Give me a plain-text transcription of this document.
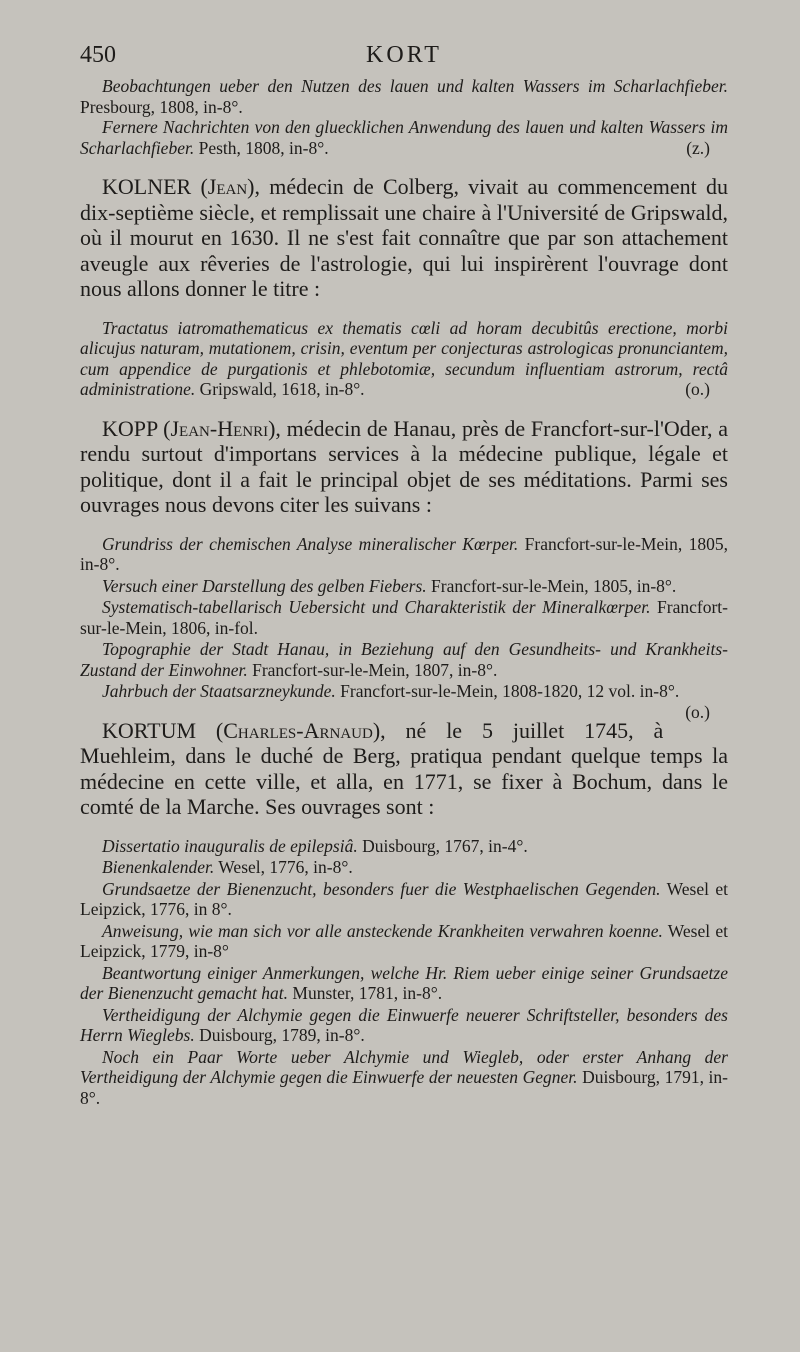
450	KORT

Beobachtungen ueber den Nutzen des lauen und kalten Wassers im Scharlachfieber. Presbourg, 1808, in-8°.

Fernere Nachrichten von den gluecklichen Anwendung des lauen und kalten Wassers im Scharlachfieber. Pesth, 1808, in-8°.	(z.)

KOLNER (Jean), médecin de Colberg, vivait au commencement du dix-septième siècle, et remplissait une chaire à l'Université de Gripswald, où il mourut en 1630. Il ne s'est fait connaître que par son attachement aveugle aux rêveries de l'astrologie, qui lui inspirèrent l'ouvrage dont nous allons donner le titre :

Tractatus iatromathematicus ex thematis cœli ad horam decubitûs erectione, morbi alicujus naturam, mutationem, crisin, eventum per conjecturas astrologicas pronunciantem, cum appendice de purgationis et phlebotomiæ, secundum influentiam astrorum, rectâ administratione. Gripswald, 1618, in-8°.	(o.)

KOPP (Jean-Henri), médecin de Hanau, près de Francfort-sur-l'Oder, a rendu surtout d'importans services à la médecine publique, légale et politique, dont il a fait le principal objet de ses méditations. Parmi ses ouvrages nous devons citer les suivans :

Grundriss der chemischen Analyse mineralischer Kœrper. Francfort-sur-le-Mein, 1805, in-8°.

Versuch einer Darstellung des gelben Fiebers. Francfort-sur-le-Mein, 1805, in-8°.

Systematisch-tabellarisch Uebersicht und Charakteristik der Mineralkœrper. Francfort-sur-le-Mein, 1806, in-fol.

Topographie der Stadt Hanau, in Beziehung auf den Gesundheits- und Krankheits-Zustand der Einwohner. Francfort-sur-le-Mein, 1807, in-8°.

Jahrbuch der Staatsarzneykunde. Francfort-sur-le-Mein, 1808-1820, 12 vol. in-8°.
(o.)

KORTUM (Charles-Arnaud), né le 5 juillet 1745, à Muehleim, dans le duché de Berg, pratiqua pendant quelque temps la médecine en cette ville, et alla, en 1771, se fixer à Bochum, dans le comté de la Marche. Ses ouvrages sont :

Dissertatio inauguralis de epilepsiâ. Duisbourg, 1767, in-4°.

Bienenkalender. Wesel, 1776, in-8°.

Grundsaetze der Bienenzucht, besonders fuer die Westphaelischen Gegenden. Wesel et Leipzick, 1776, in 8°.

Anweisung, wie man sich vor alle ansteckende Krankheiten verwahren koenne. Wesel et Leipzick, 1779, in-8°

Beantwortung einiger Anmerkungen, welche Hr. Riem ueber einige seiner Grundsaetze der Bienenzucht gemacht hat. Munster, 1781, in-8°.

Vertheidigung der Alchymie gegen die Einwuerfe neuerer Schriftsteller, besonders des Herrn Wieglebs. Duisbourg, 1789, in-8°.

Noch ein Paar Worte ueber Alchymie und Wiegleb, oder erster Anhang der Vertheidigung der Alchymie gegen die Einwuerfe der neuesten Gegner. Duisbourg, 1791, in-8°.
